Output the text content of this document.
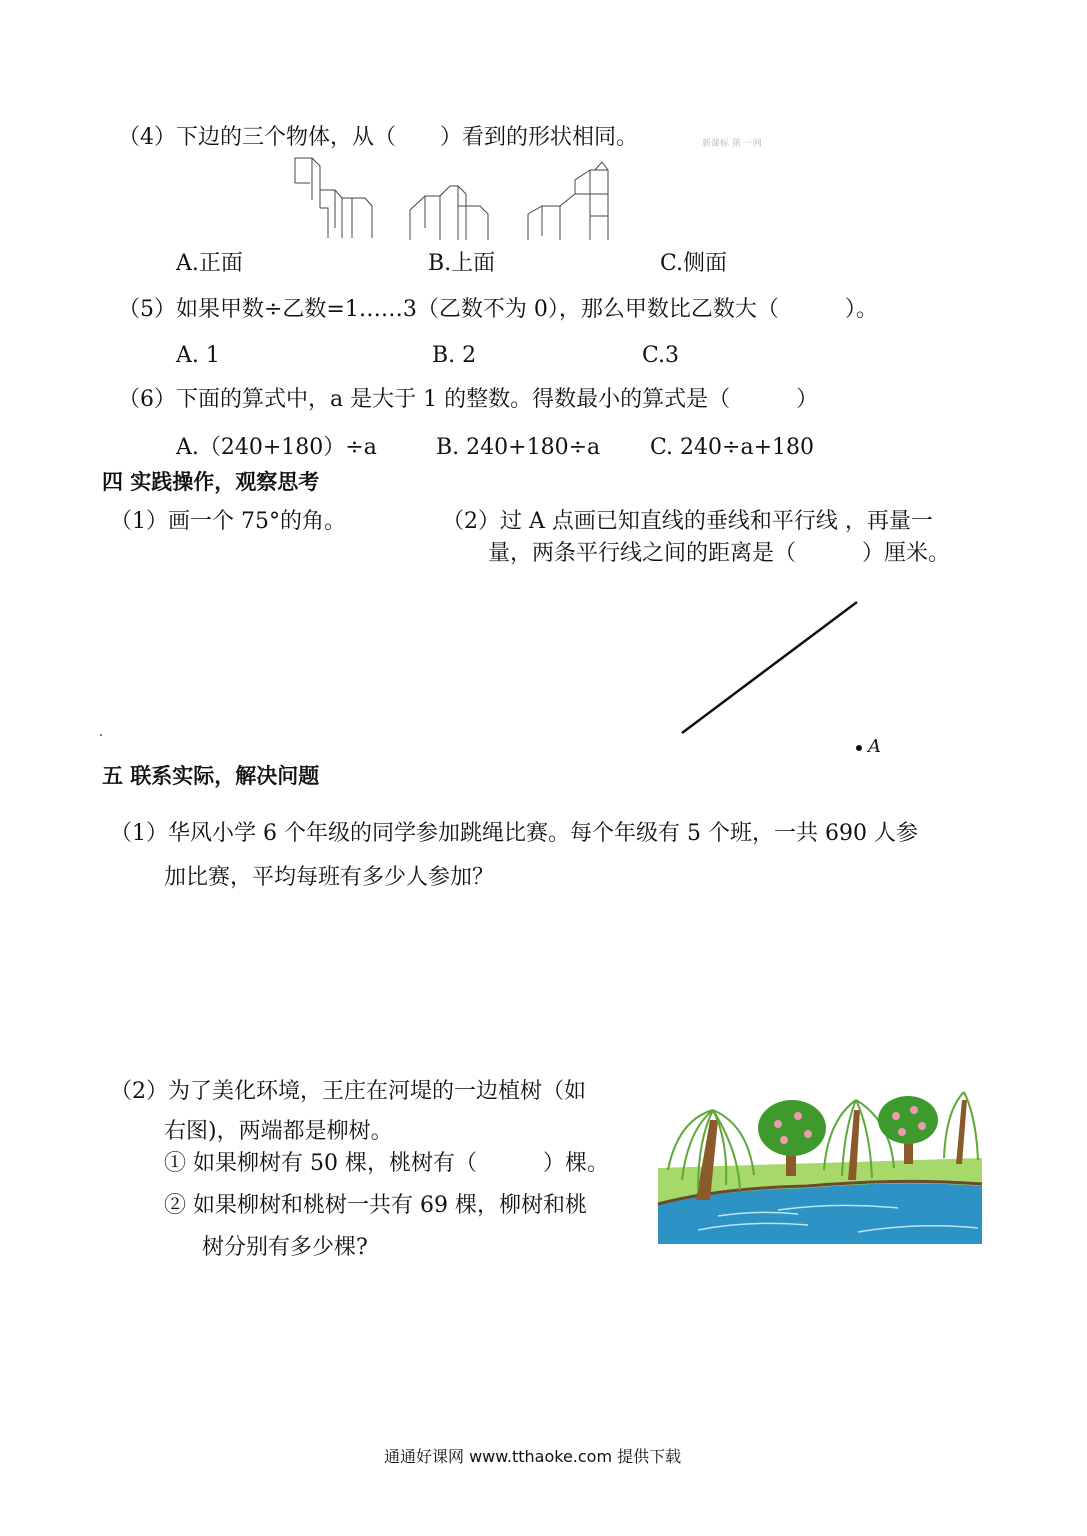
（4）下边的三个物体，从（　　）看到的形状相同。	新课标 第 一网
A.正面	B.上面	C.侧面
（5）如果甲数÷乙数=1……3（乙数不为 0），那么甲数比乙数大（　　　）。
A. 1	B. 2	C.3
（6）下面的算式中，a 是大于 1 的整数。得数最小的算式是（　　　）
A.（240+180）÷a	B. 240+180÷a C. 240÷a+180
四 实践操作，观察思考
（1）画一个 75°的角。	（2）过 A 点画已知直线的垂线和平行线 ，再量一
量，两条平行线之间的距离是（　　　）厘米。
A
五 联系实际，解决问题
（1）华风小学 6 个年级的同学参加跳绳比赛。每个年级有 5 个班，一共 690 人参
加比赛，平均每班有多少人参加？
（2）为了美化环境，王庄在河堤的一边植树（如
右图)，两端都是柳树。
① 如果柳树有 50 棵，桃树有（　　　）棵。
② 如果柳树和桃树一共有 69 棵，柳树和桃
树分别有多少棵?
通通好课网 www.tthaoke.com 提供下载
